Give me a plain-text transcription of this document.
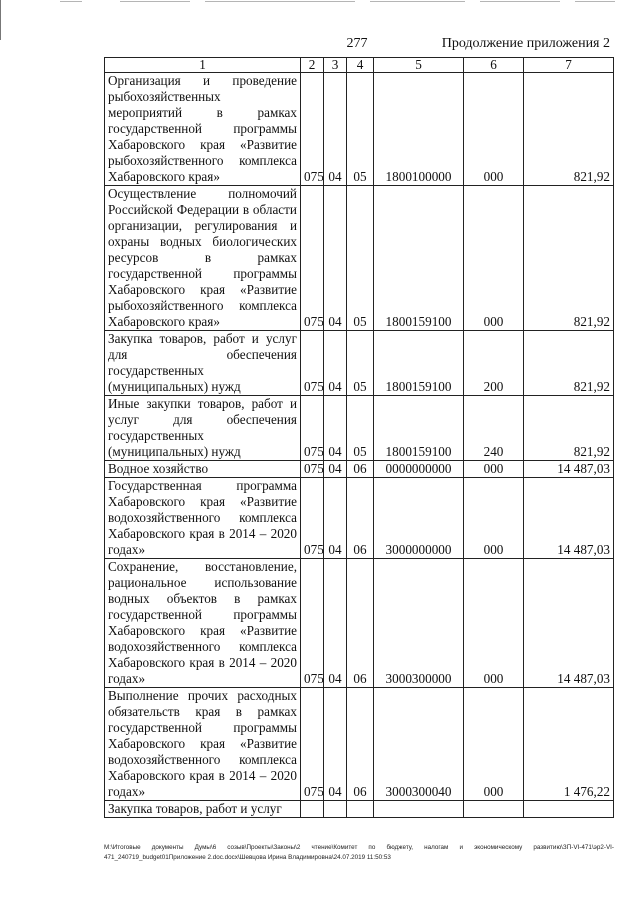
277	Продолжение приложения 2
1	2	3	4	5	6	7
Организация и проведение рыбохозяйственных мероприятий в рамках государственной программы Хабаровского края «Развитие рыбохозяйственного комплекса Хабаровского края»	075	04	05	1800100000	000	821,92
Осуществление полномочий Российской Федерации в области организации, регулирования и охраны водных биологических ресурсов в рамках государственной программы Хабаровского края «Развитие рыбохозяйственного комплекса Хабаровского края»	075	04	05	1800159100	000	821,92
Закупка товаров, работ и услуг для обеспечения государственных (муниципальных) нужд	075	04	05	1800159100	200	821,92
Иные закупки товаров, работ и услуг для обеспечения государственных (муниципальных) нужд	075	04	05	1800159100	240	821,92
Водное хозяйство	075	04	06	0000000000	000	14 487,03
Государственная программа Хабаровского края «Развитие водохозяйственного комплекса Хабаровского края в 2014 – 2020 годах»	075	04	06	3000000000	000	14 487,03
Сохранение, восстановление, рациональное использование водных объектов в рамках государственной программы Хабаровского края «Развитие водохозяйственного комплекса Хабаровского края в 2014 – 2020 годах»	075	04	06	3000300000	000	14 487,03
Выполнение прочих расходных обязательств края в рамках государственной программы Хабаровского края «Развитие водохозяйственного комплекса Хабаровского края в 2014 – 2020 годах»	075	04	06	3000300040	000	1 476,22
Закупка товаров, работ и услуг						
M:\Итоговые документы Думы\6 созыв\Проекты\Законы\2 чтение\Комитет по бюджету, налогам и экономическому развитию\ЗП-VI-471\эр2-VI-471_240719_budget01Приложение 2.doc.docx\Шевцова Ирина Владимировна\24.07.2019 11:50:53
